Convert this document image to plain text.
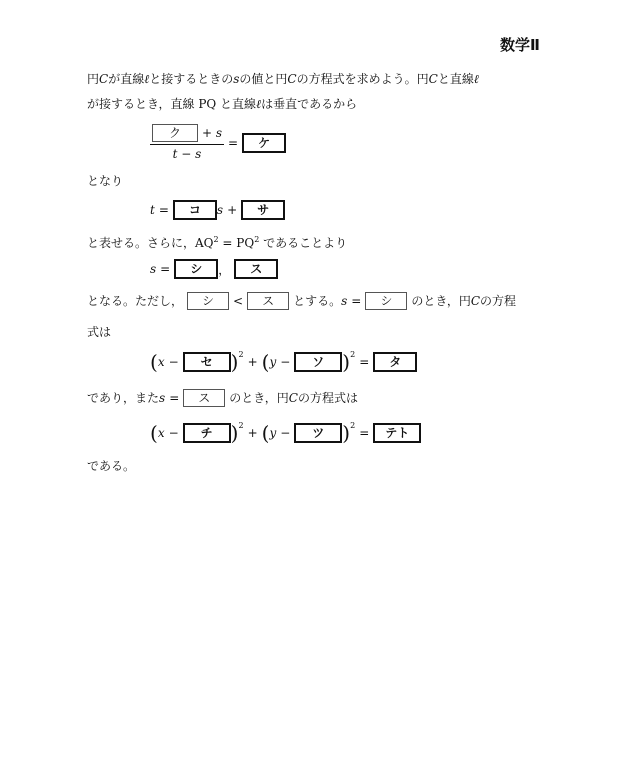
数学Ⅱ
円Cが直線ℓと接するときのsの値と円Cの方程式を求めよう。円Cと直線ℓ
が接するとき，直線 PQ と直線ℓは垂直であるから
ク	+ s
t − s =	ケ
となり
t =	コ	s +	サ
と表せる。さらに，$AQ^2 = PQ^2$ であることより
s =	シ	，	ス
となる。ただし，	シ	<	ス	とする。 s =	シ	のとき，円 C の方程
式は
( x −	セ )$^2$
+ ( y −	ソ )$^2$
=	タ
であり，また s =	ス	のとき，円 C の方程式は
( x −	チ )$^2$
+ ( y −	ツ )$^2$
=	テト
である。
